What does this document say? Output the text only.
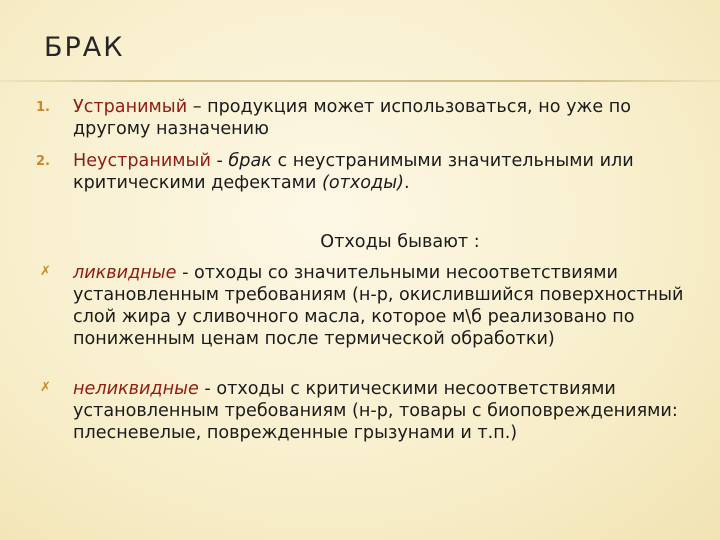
БРАК
1. Устранимый – продукция может использоваться, но уже по другому назначению
2. Неустранимый - брак с неустранимыми значительными или критическими дефектами (отходы).
Отходы бывают :
✗ ликвидные - отходы со значительными несоответствиями установленным требованиям (н-р, окислившийся поверхностный слой жира у сливочного масла, которое м\б реализовано по пониженным ценам после термической обработки)
✗ неликвидные - отходы с критическими несоответствиями установленным требованиям (н-р, товары с биоповреждениями: плесневелые, поврежденные грызунами и т.п.)
